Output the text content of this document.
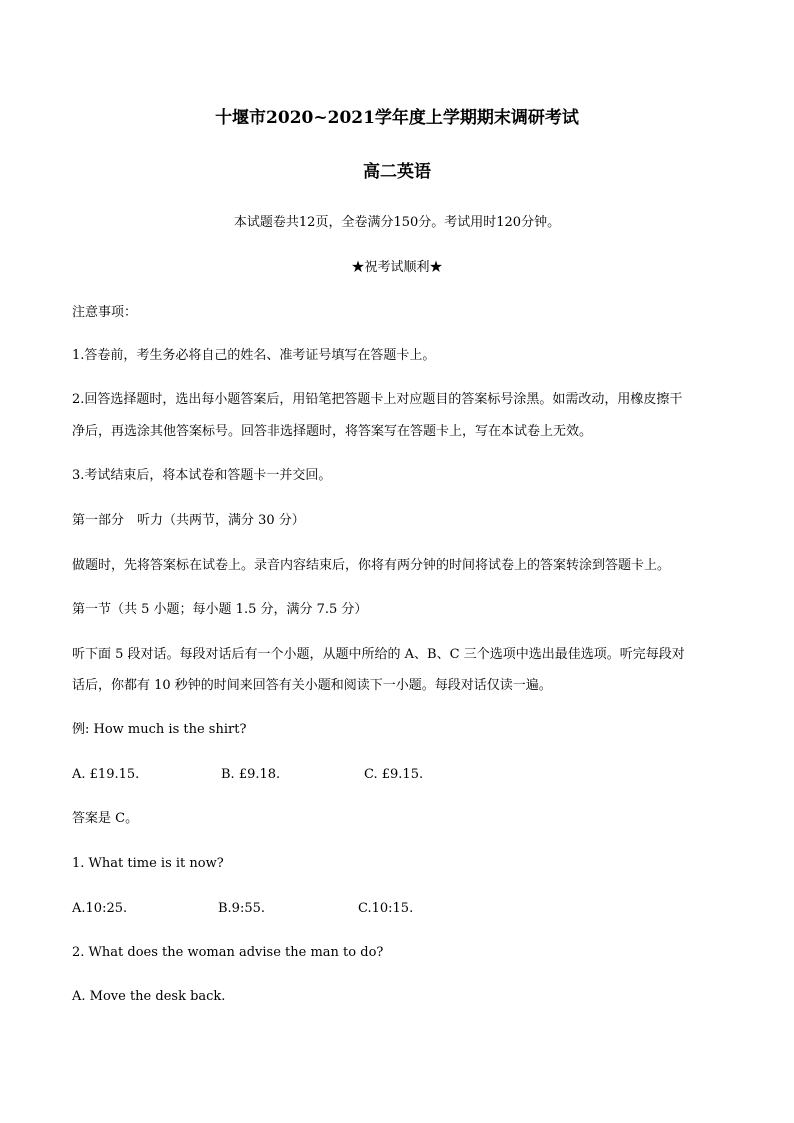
十堰市2020~2021学年度上学期期末调研考试
高二英语
本试题卷共12页，全卷满分150分。考试用时120分钟。
★祝考试顺利★
注意事项：
1.答卷前，考生务必将自己的姓名、准考证号填写在答题卡上。
2.回答选择题时，选出每小题答案后，用铅笔把答题卡上对应题目的答案标号涂黑。如需改动，用橡皮擦干
净后，再选涂其他答案标号。回答非选择题时，将答案写在答题卡上，写在本试卷上无效。
3.考试结束后，将本试卷和答题卡一并交回。
第一部分　听力（共两节，满分 30 分）
做题时，先将答案标在试卷上。录音内容结束后，你将有两分钟的时间将试卷上的答案转涂到答题卡上。
第一节（共 5 小题；每小题 1.5 分，满分 7.5 分）
听下面 5 段对话。每段对话后有一个小题，从题中所给的 A、B、C 三个选项中选出最佳选项。听完每段对
话后，你都有 10 秒钟的时间来回答有关小题和阅读下一小题。每段对话仅读一遍。
例: How much is the shirt?
A. £19.15.	B. £9.18.	C. £9.15.
答案是 C。
1. What time is it now?
A.10:25.	B.9:55.	C.10:15.
2. What does the woman advise the man to do?
A. Move the desk back.
